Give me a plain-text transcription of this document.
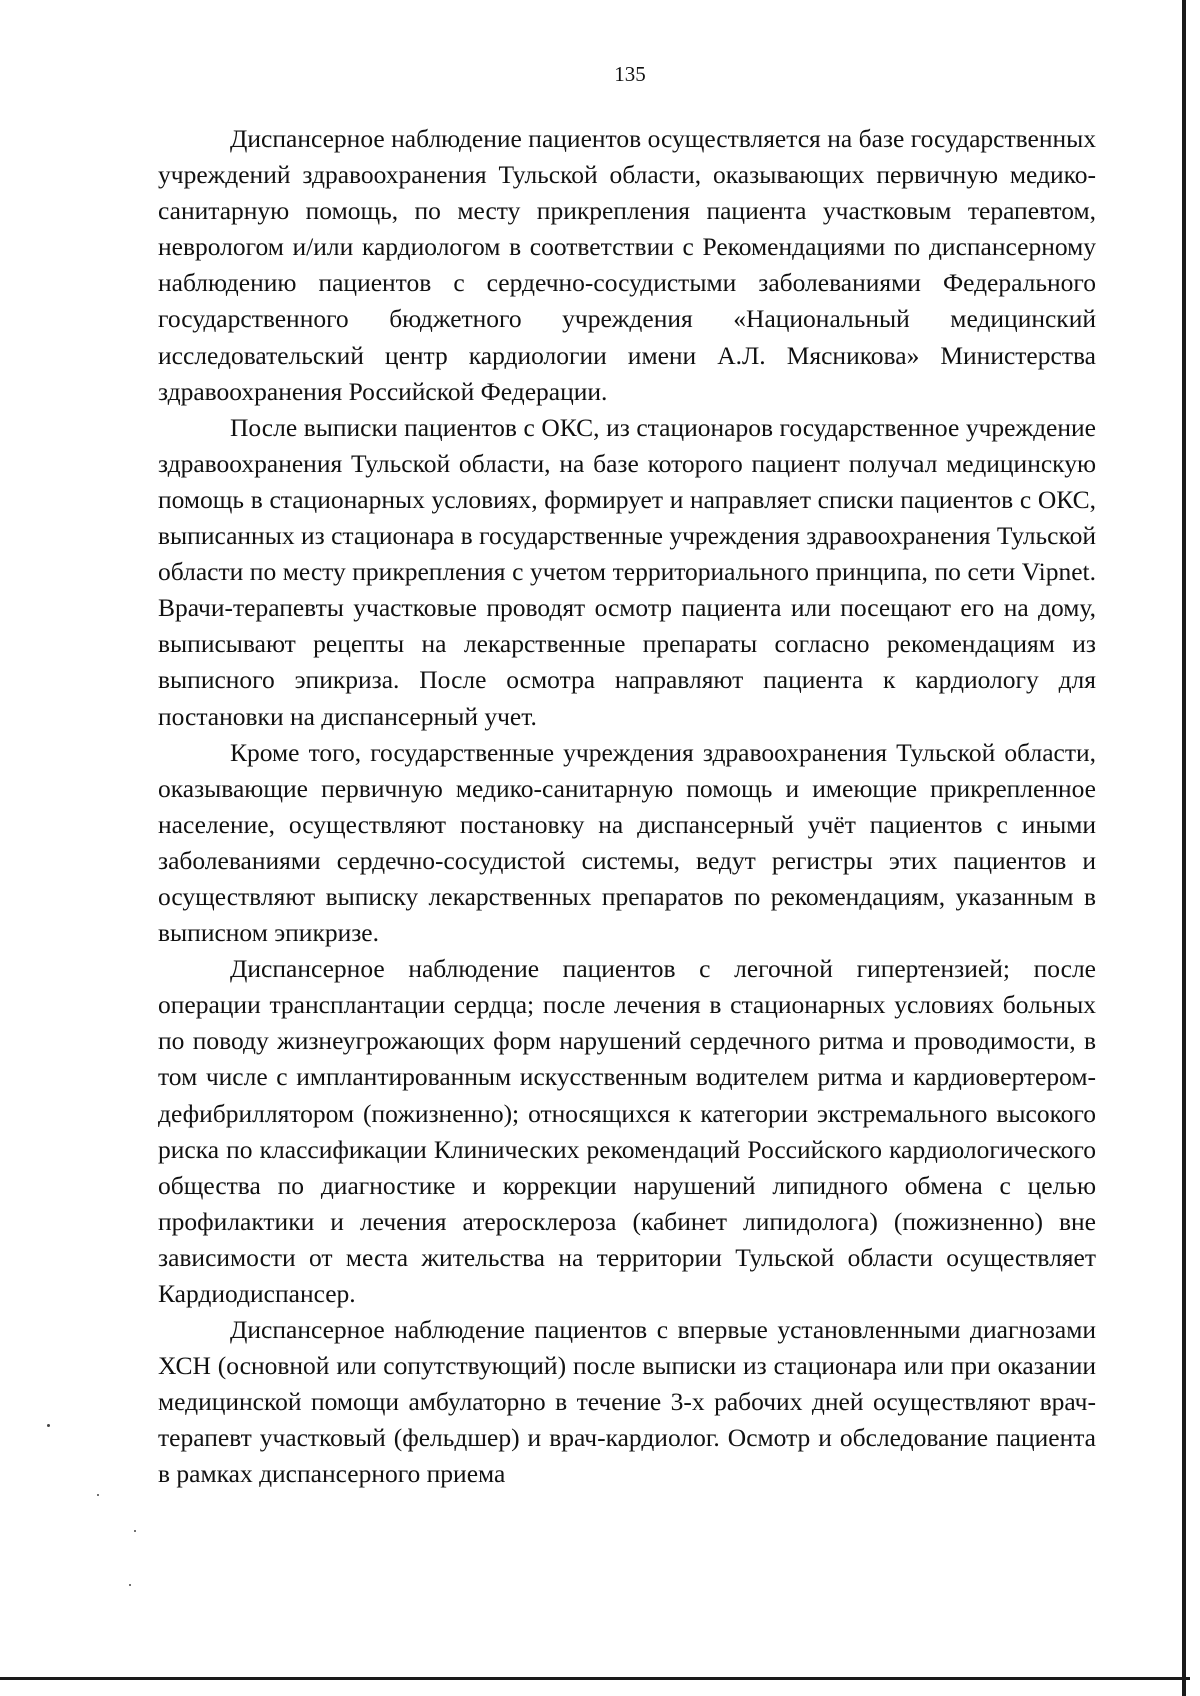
135

Диспансерное наблюдение пациентов осуществляется на базе государственных учреждений здравоохранения Тульской области, оказывающих первичную медико-санитарную помощь, по месту прикрепления пациента участковым терапевтом, неврологом и/или кардиологом в соответствии с Рекомендациями по диспансерному наблюдению пациентов с сердечно-сосудистыми заболеваниями Федерального государственного бюджетного учреждения «Национальный медицинский исследовательский центр кардиологии имени А.Л. Мясникова» Министерства здравоохранения Российской Федерации.

После выписки пациентов с ОКС, из стационаров государственное учреждение здравоохранения Тульской области, на базе которого пациент получал медицинскую помощь в стационарных условиях, формирует и направляет списки пациентов с ОКС, выписанных из стационара в государственные учреждения здравоохранения Тульской области по месту прикрепления с учетом территориального принципа, по сети Vipnet. Врачи-терапевты участковые проводят осмотр пациента или посещают его на дому, выписывают рецепты на лекарственные препараты согласно рекомендациям из выписного эпикриза. После осмотра направляют пациента к кардиологу для постановки на диспансерный учет.

Кроме того, государственные учреждения здравоохранения Тульской области, оказывающие первичную медико-санитарную помощь и имеющие прикрепленное население, осуществляют постановку на диспансерный учёт пациентов с иными заболеваниями сердечно-сосудистой системы, ведут регистры этих пациентов и осуществляют выписку лекарственных препаратов по рекомендациям, указанным в выписном эпикризе.

Диспансерное наблюдение пациентов с легочной гипертензией; после операции трансплантации сердца; после лечения в стационарных условиях больных по поводу жизнеугрожающих форм нарушений сердечного ритма и проводимости, в том числе с имплантированным искусственным водителем ритма и кардиовертером-дефибриллятором (пожизненно); относящихся к категории экстремального высокого риска по классификации Клинических рекомендаций Российского кардиологического общества по диагностике и коррекции нарушений липидного обмена с целью профилактики и лечения атеросклероза (кабинет липидолога) (пожизненно) вне зависимости от места жительства на территории Тульской области осуществляет Кардиодиспансер.

Диспансерное наблюдение пациентов с впервые установленными диагнозами ХСН (основной или сопутствующий) после выписки из стационара или при оказании медицинской помощи амбулаторно в течение 3-х рабочих дней осуществляют врач-терапевт участковый (фельдшер) и врач-кардиолог. Осмотр и обследование пациента в рамках диспансерного приема
